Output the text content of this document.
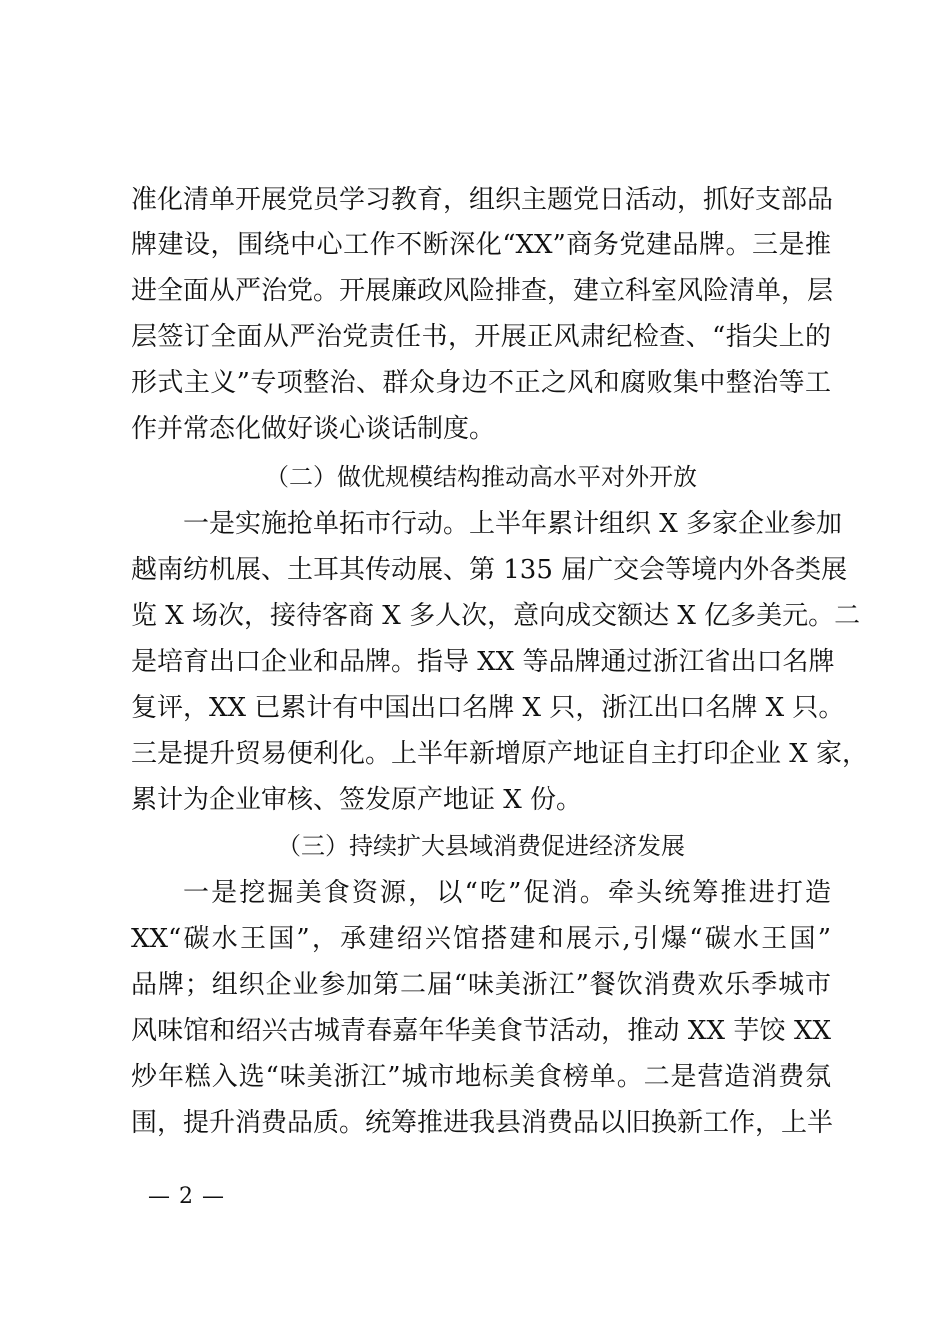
准化清单开展党员学习教育，组织主题党日活动，抓好支部品
牌建设，围绕中心工作不断深化“XX”商务党建品牌。三是推
进全面从严治党。开展廉政风险排查，建立科室风险清单，层
层签订全面从严治党责任书，开展正风肃纪检查、“指尖上的
形式主义”专项整治、群众身边不正之风和腐败集中整治等工
作并常态化做好谈心谈话制度。
（二）做优规模结构推动高水平对外开放
一是实施抢单拓市行动。上半年累计组织 X 多家企业参加
越南纺机展、土耳其传动展、第 135 届广交会等境内外各类展
览 X 场次，接待客商 X 多人次，意向成交额达 X 亿多美元。二
是培育出口企业和品牌。指导 XX 等品牌通过浙江省出口名牌
复评，XX 已累计有中国出口名牌 X 只，浙江出口名牌 X 只。
三是提升贸易便利化。上半年新增原产地证自主打印企业 X 家，
累计为企业审核、签发原产地证 X 份。
（三）持续扩大县域消费促进经济发展
一是挖掘美食资源，以“吃”促消。牵头统筹推进打造
XX“碳水王国”，承建绍兴馆搭建和展示,引爆“碳水王国”
品牌；组织企业参加第二届“味美浙江”餐饮消费欢乐季城市
风味馆和绍兴古城青春嘉年华美食节活动，推动 XX 芋饺 XX
炒年糕入选“味美浙江”城市地标美食榜单。二是营造消费氛
围，提升消费品质。统筹推进我县消费品以旧换新工作，上半
— 2 —
